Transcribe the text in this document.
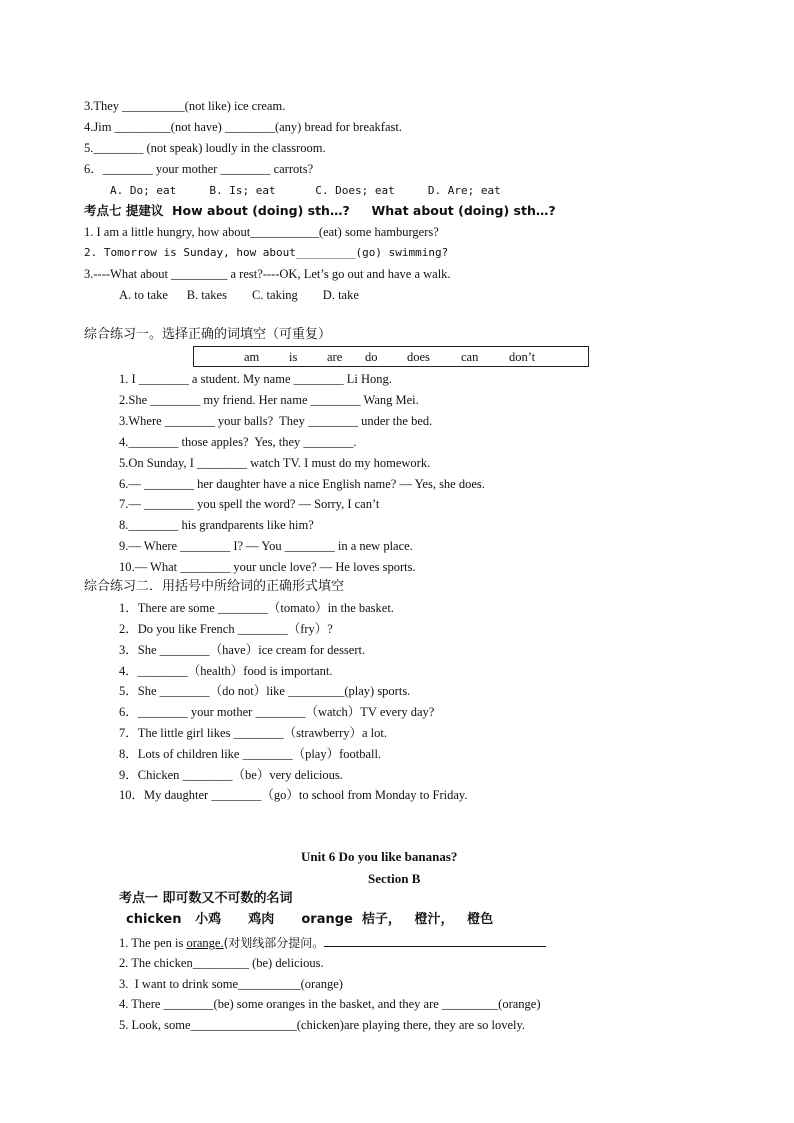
3.They __________(not like) ice cream.
4.Jim _________(not have) ________(any) bread for breakfast.
5.________ (not speak) loudly in the classroom.
6．________ your mother ________ carrots?
A. Do; eat     B. Is; eat      C. Does; eat     D. Are; eat
考点七 提建议  How about (doing) sth…?     What about (doing) sth…?
1. I am a little hungry, how about___________(eat) some hamburgers?
2. Tomorrow is Sunday, how about_________(go) swimming?
3.----What about _________ a rest?----OK, Let’s go out and have a walk.
A. to take      B. takes        C. taking        D. take
综合练习一。选择正确的词填空（可重复）
am is are do does can don’t
1. I ________ a student. My name ________ Li Hong.
2.She ________ my friend. Her name ________ Wang Mei.
3.Where ________ your balls?  They ________ under the bed.
4.________ those apples?  Yes, they ________.
5.On Sunday, I ________ watch TV. I must do my homework.
6.— ________ her daughter have a nice English name? — Yes, she does.
7.— ________ you spell the word? — Sorry, I can’t
8.________ his grandparents like him?
9.— Where ________ I? — You ________ in a new place.
10.— What ________ your uncle love? — He loves sports.
综合练习二．用括号中所给词的正确形式填空
1．There are some ________（tomato）in the basket.
2．Do you like French ________（fry）?
3．She ________（have）ice cream for dessert.
4．________（health）food is important.
5．She ________（do not）like _________(play) sports.
6．________ your mother ________（watch）TV every day?
7．The little girl likes ________（strawberry）a lot.
8．Lots of children like ________（play）football.
9．Chicken ________（be）very delicious.
10．My daughter ________（go）to school from Monday to Friday.
Unit 6 Do you like bananas?
Section B
考点一 即可数又不可数的名词
chicken   小鸡      鸡肉      orange  桔子，   橙汁，   橙色
1. The pen is orange.(对划线部分提问。
2. The chicken_________ (be) delicious.
3.  I want to drink some__________(orange)
4. There ________(be) some oranges in the basket, and they are _________(orange)
5. Look, some_________________(chicken)are playing there, they are so lovely.
